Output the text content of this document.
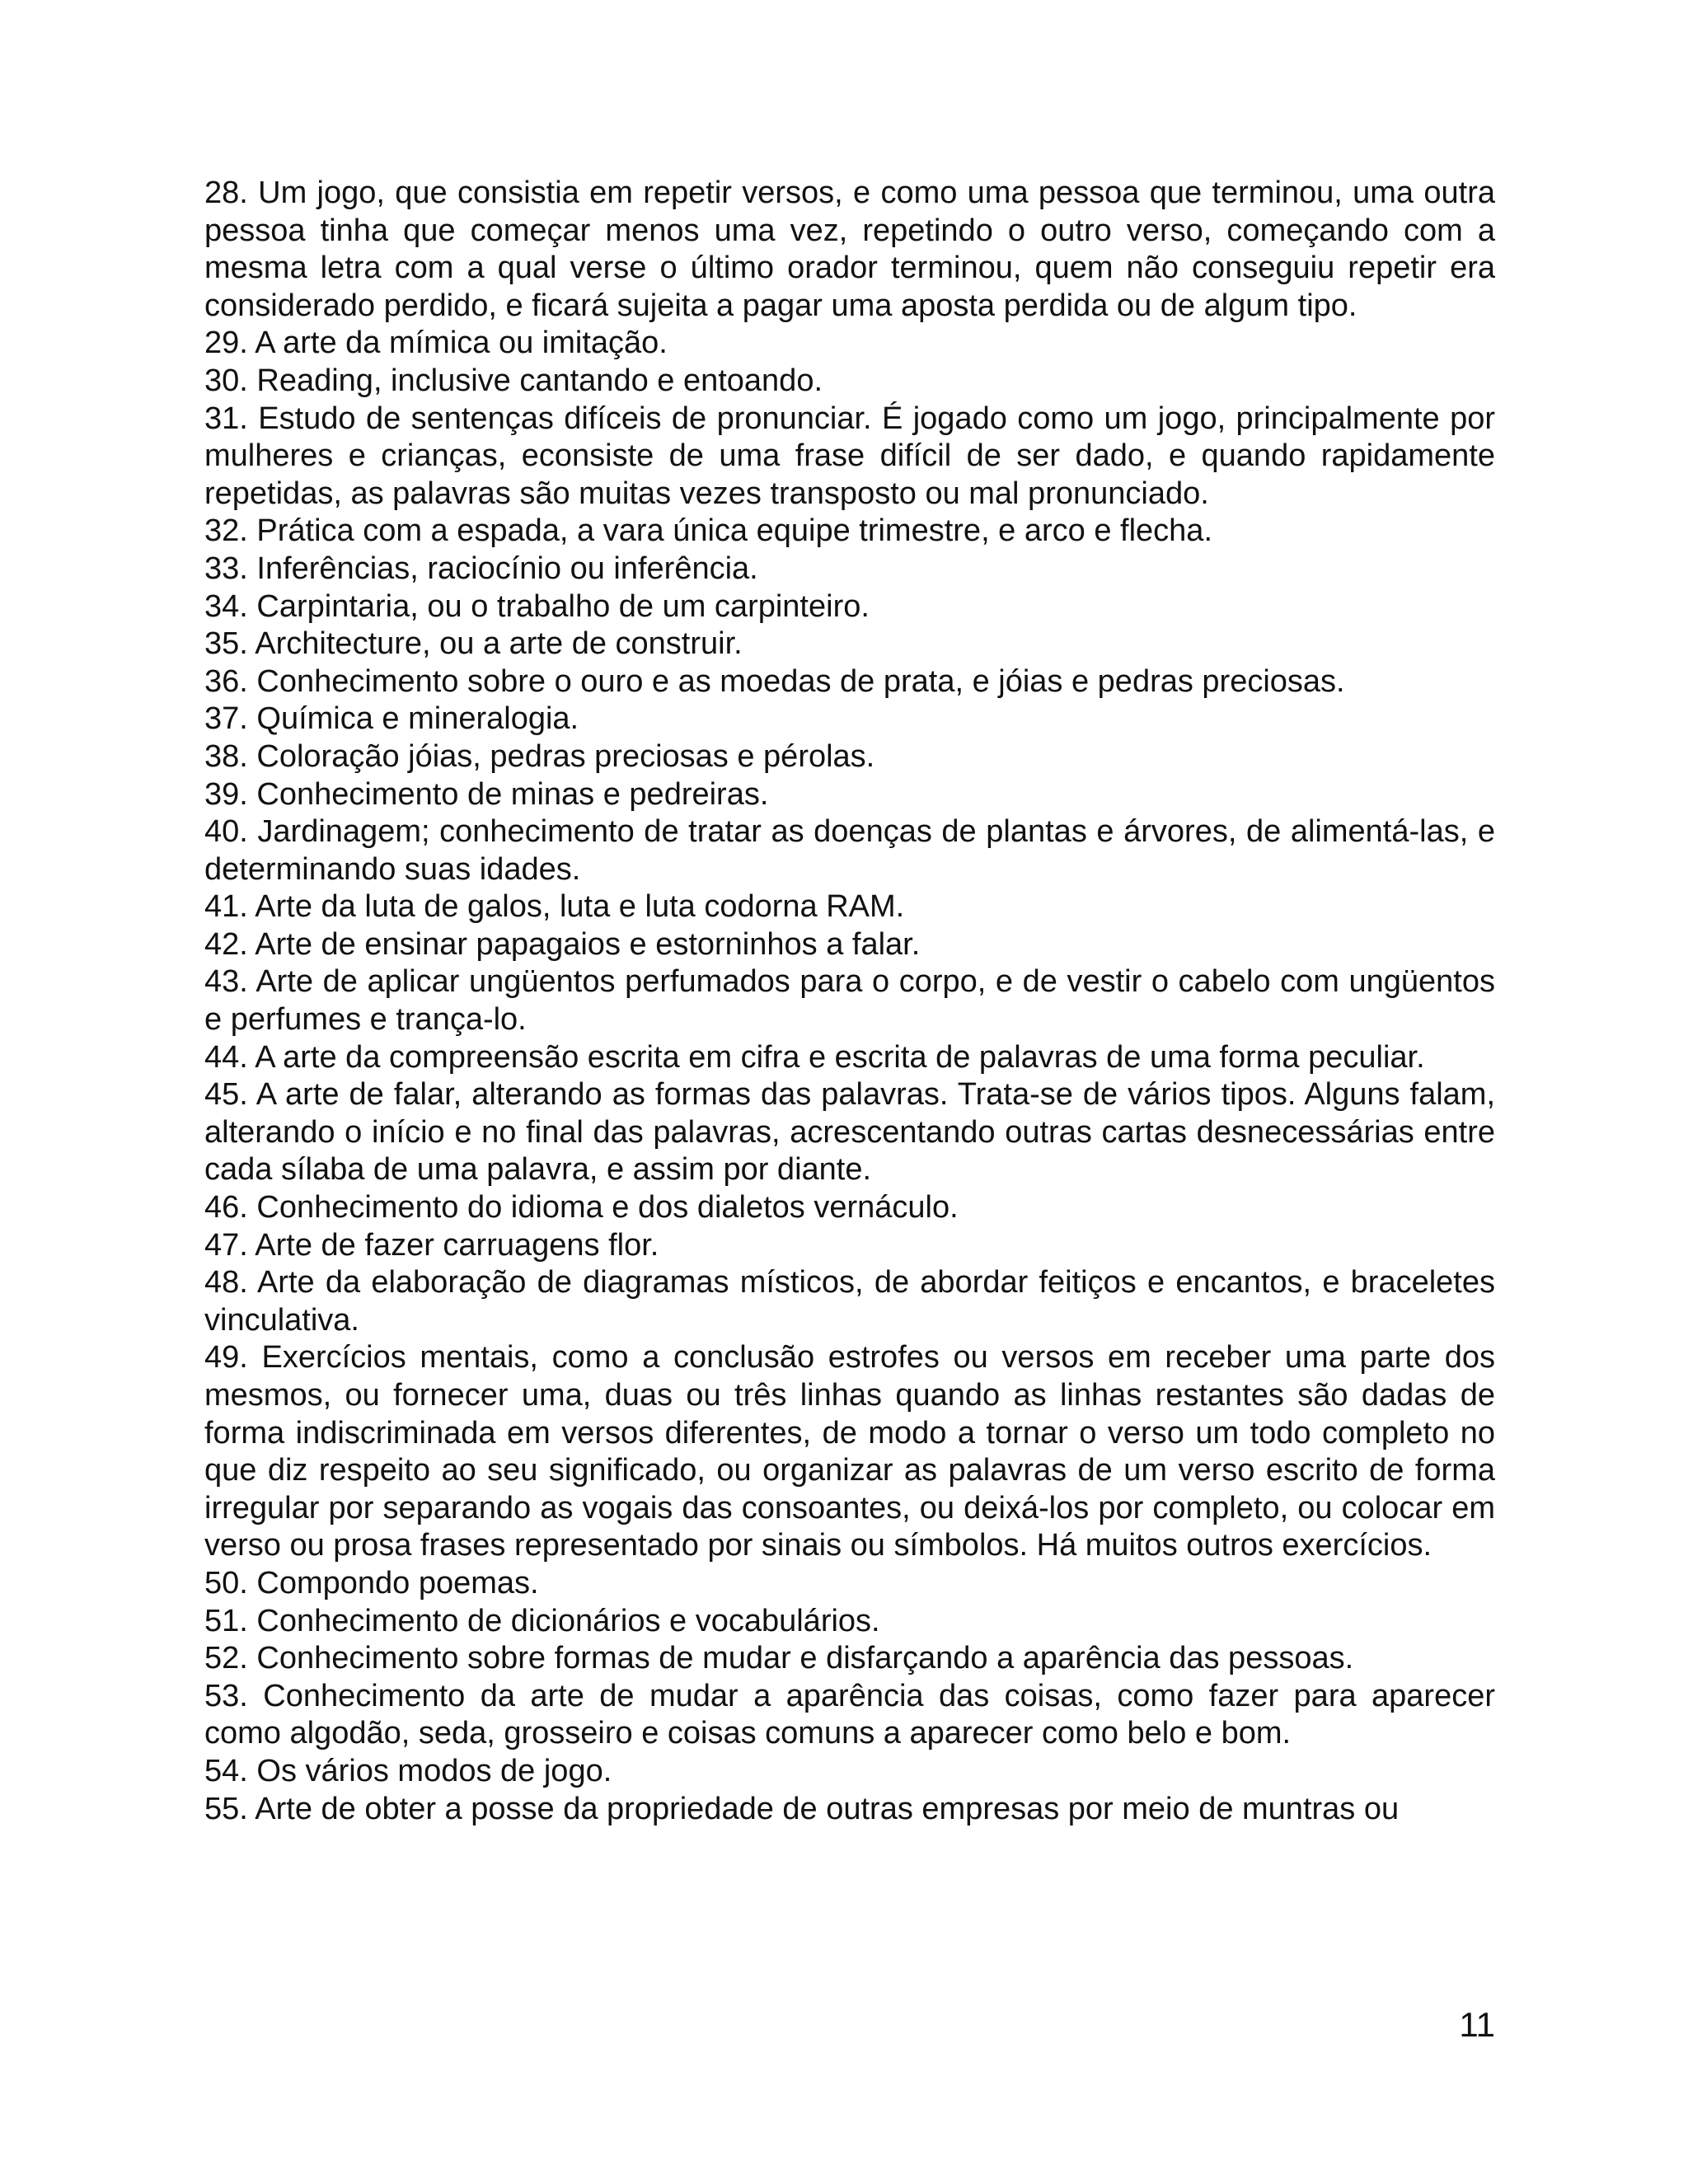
28. Um jogo, que consistia em repetir versos, e como uma pessoa que terminou, uma outra pessoa tinha que começar menos uma vez, repetindo o outro verso, começando com a mesma letra com a qual verse o último orador terminou, quem não conseguiu repetir era considerado perdido, e ficará sujeita a pagar uma aposta perdida ou de algum tipo.

29. A arte da mímica ou imitação.

30. Reading, inclusive cantando e entoando.

31. Estudo de sentenças difíceis de pronunciar. É jogado como um jogo, principalmente por mulheres e crianças, econsiste de uma frase difícil de ser dado, e quando rapidamente repetidas, as palavras são muitas vezes transposto ou mal pronunciado.

32. Prática com a espada, a vara única equipe trimestre, e arco e flecha.

33. Inferências, raciocínio ou inferência.

34. Carpintaria, ou o trabalho de um carpinteiro.

35. Architecture, ou a arte de construir.

36. Conhecimento sobre o ouro e as moedas de prata, e jóias e pedras preciosas.

37. Química e mineralogia.

38. Coloração jóias, pedras preciosas e pérolas.

39. Conhecimento de minas e pedreiras.

40. Jardinagem; conhecimento de tratar as doenças de plantas e árvores, de alimentá-las, e determinando suas idades.

41. Arte da luta de galos, luta e luta codorna RAM.

42. Arte de ensinar papagaios e estorninhos a falar.

43. Arte de aplicar ungüentos perfumados para o corpo, e de vestir o cabelo com ungüentos e perfumes e trança-lo.

44. A arte da compreensão escrita em cifra e escrita de palavras de uma forma peculiar.

45. A arte de falar, alterando as formas das palavras. Trata-se de vários tipos. Alguns falam, alterando o início e no final das palavras, acrescentando outras cartas desnecessárias entre cada sílaba de uma palavra, e assim por diante.

46. Conhecimento do idioma e dos dialetos vernáculo.

47. Arte de fazer carruagens flor.

48. Arte da elaboração de diagramas místicos, de abordar feitiços e encantos, e braceletes vinculativa.

49. Exercícios mentais, como a conclusão estrofes ou versos em receber uma parte dos mesmos, ou fornecer uma, duas ou três linhas quando as linhas restantes são dadas de forma indiscriminada em versos diferentes, de modo a tornar o verso um todo completo no que diz respeito ao seu significado, ou organizar as palavras de um verso escrito de forma irregular por separando as vogais das consoantes, ou deixá-los por completo, ou colocar em verso ou prosa frases representado por sinais ou símbolos. Há muitos outros exercícios.

50. Compondo poemas.

51. Conhecimento de dicionários e vocabulários.

52. Conhecimento sobre formas de mudar e disfarçando a aparência das pessoas.

53. Conhecimento da arte de mudar a aparência das coisas, como fazer para aparecer como algodão, seda, grosseiro e coisas comuns a aparecer como belo e bom.

54. Os vários modos de jogo.

55. Arte de obter a posse da propriedade de outras empresas por meio de muntras ou

11
